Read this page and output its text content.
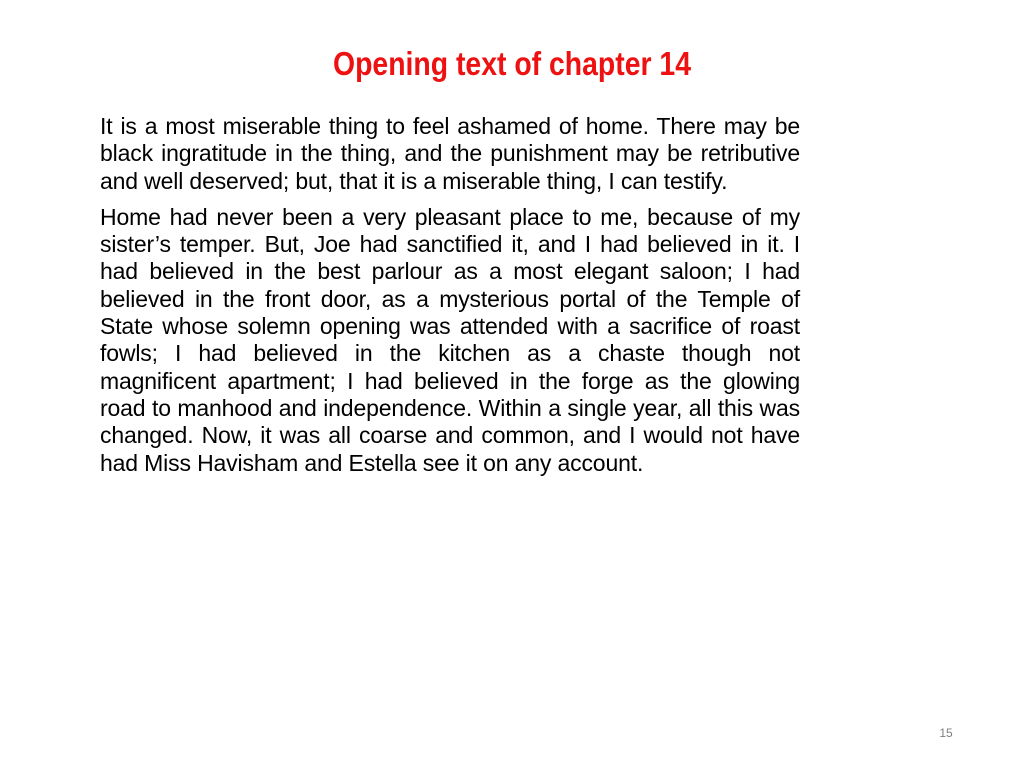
Opening text of chapter 14

It is a most miserable thing to feel ashamed of home. There may be black ingratitude in the thing, and the punishment may be retributive and well deserved; but, that it is a miserable thing, I can testify.

Home had never been a very pleasant place to me, because of my sister’s temper. But, Joe had sanctified it, and I had believed in it. I had believed in the best parlour as a most elegant saloon; I had believed in the front door, as a mysterious portal of the Temple of State whose solemn opening was attended with a sacrifice of roast fowls; I had believed in the kitchen as a chaste though not magnificent apartment; I had believed in the forge as the glowing road to manhood and independence. Within a single year, all this was changed. Now, it was all coarse and common, and I would not have had Miss Havisham and Estella see it on any account.

15
